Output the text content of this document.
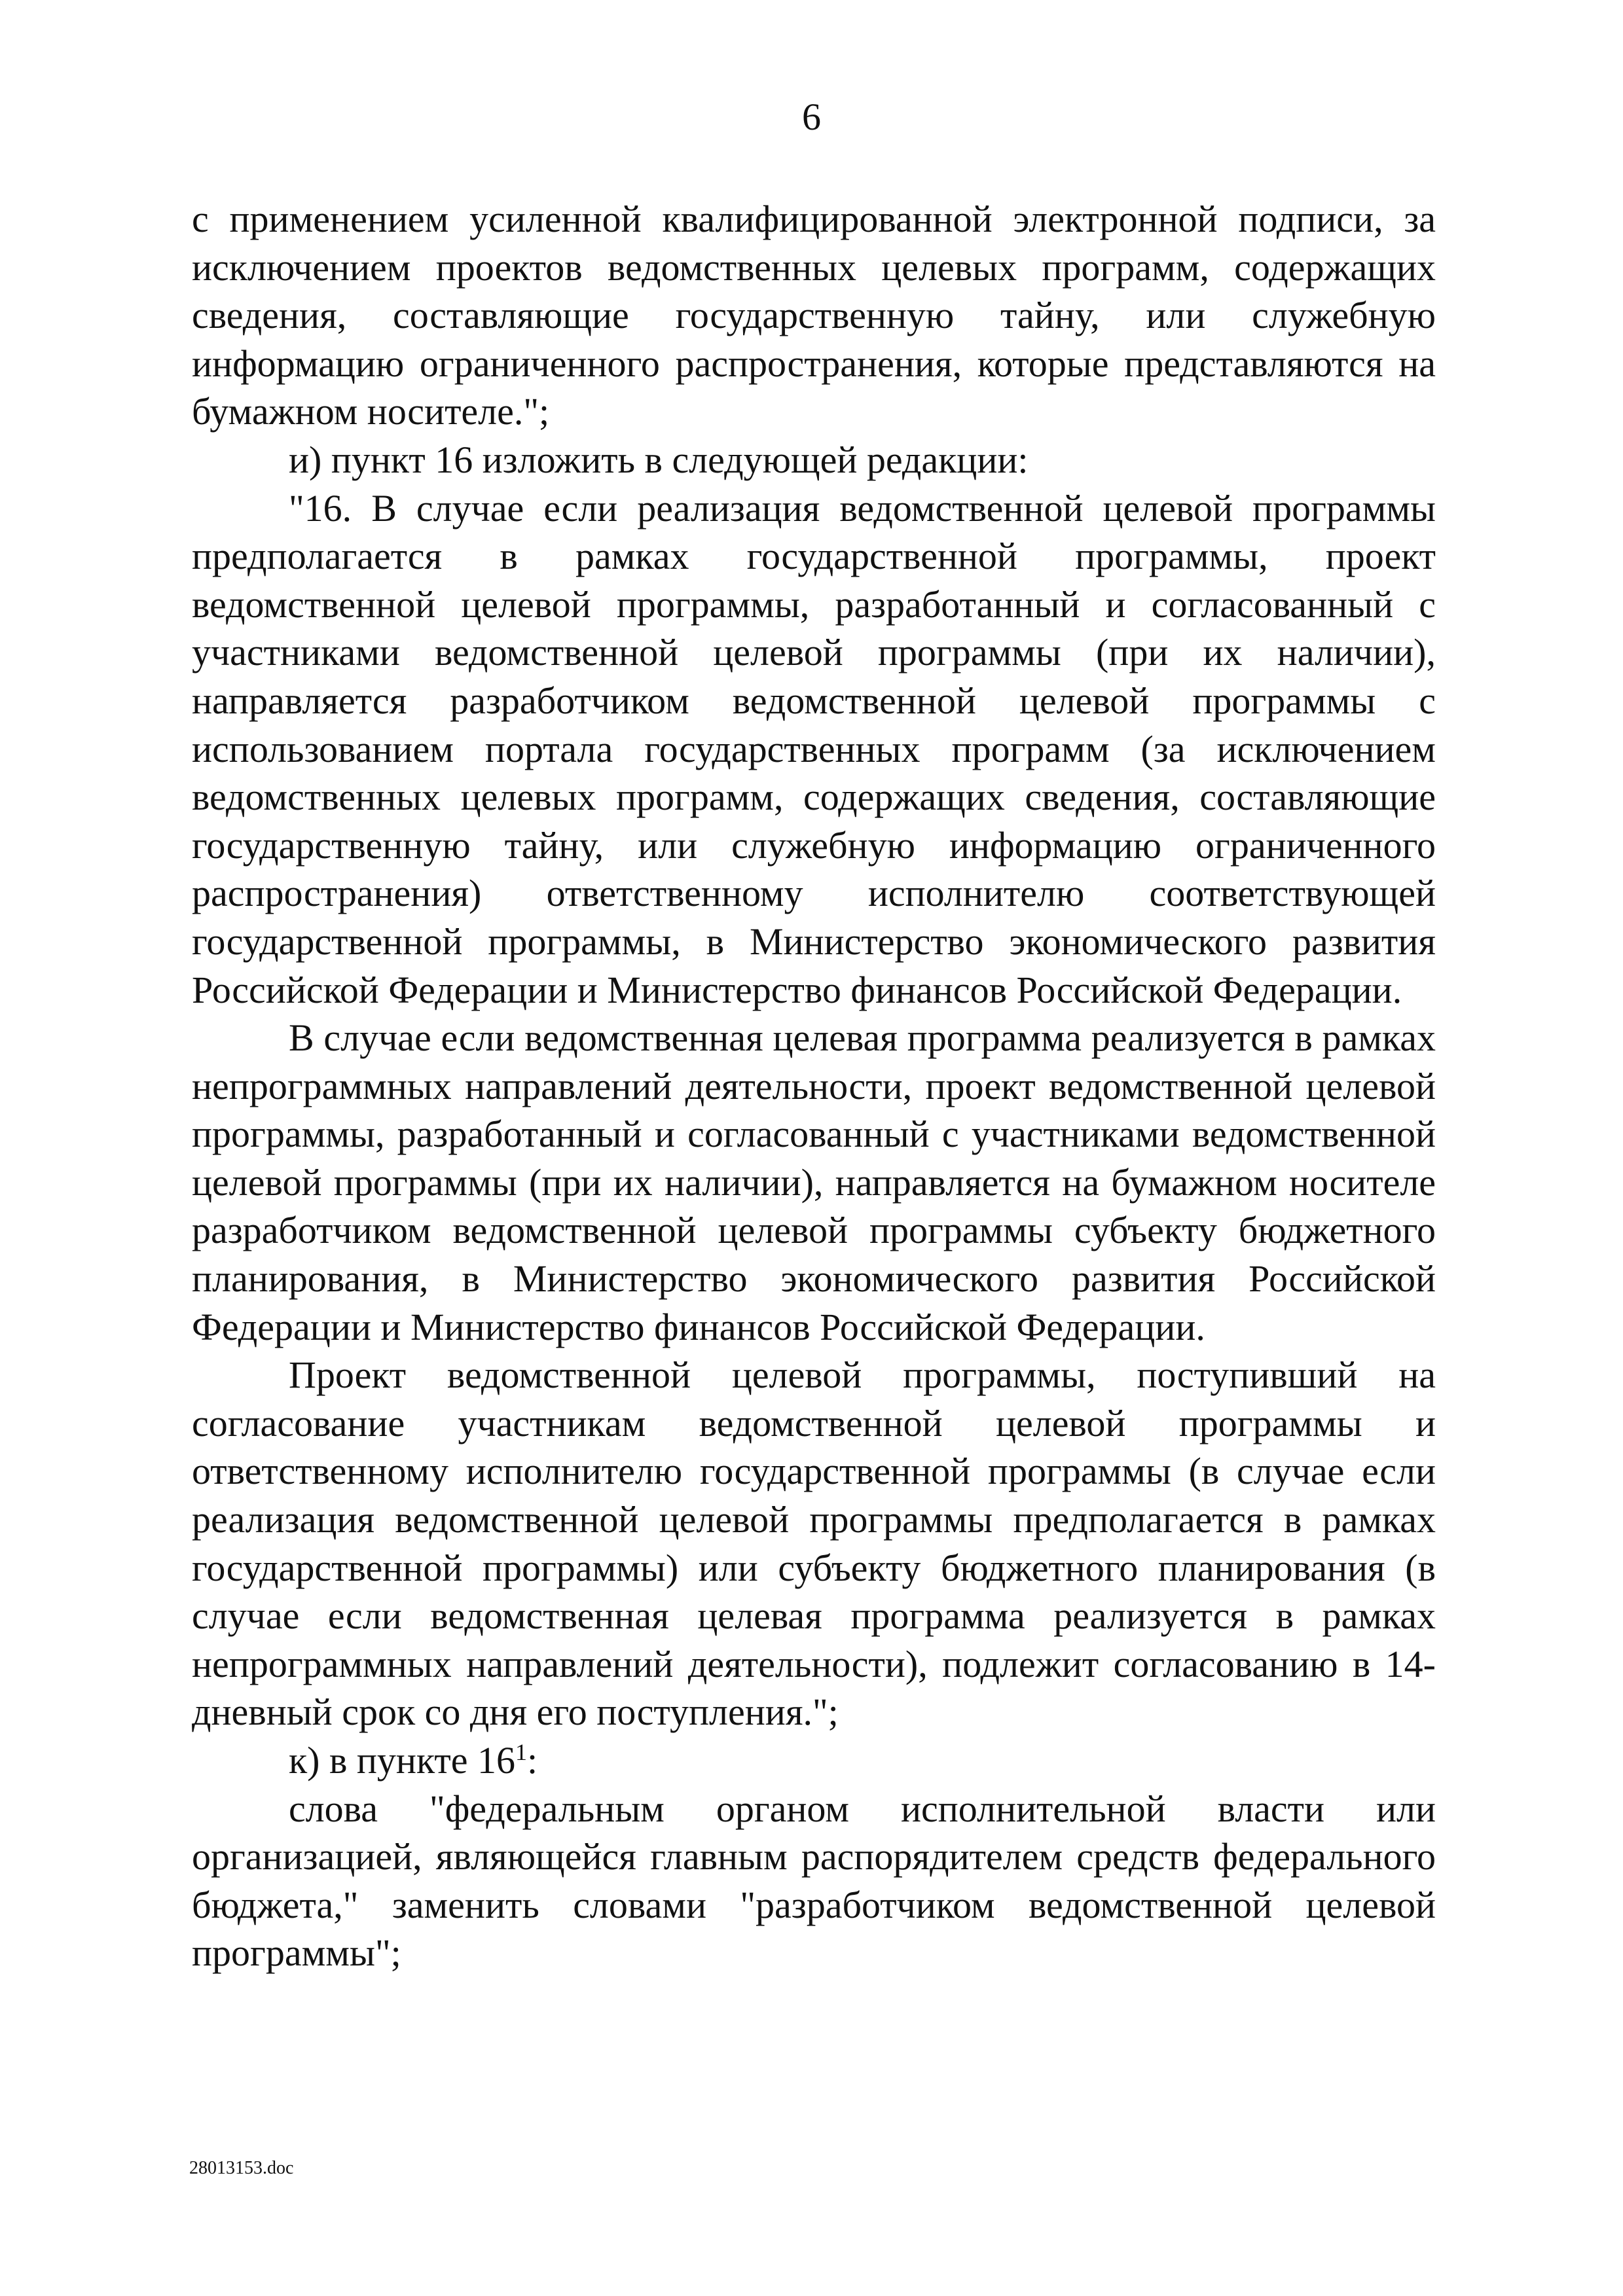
6

с применением усиленной квалифицированной электронной подписи, за исключением проектов ведомственных целевых программ, содержащих сведения, составляющие государственную тайну, или служебную информацию ограниченного распространения, которые представляются на бумажном носителе.";

и) пункт 16 изложить в следующей редакции:

"16. В случае если реализация ведомственной целевой программы предполагается в рамках государственной программы, проект ведомственной целевой программы, разработанный и согласованный с участниками ведомственной целевой программы (при их наличии), направляется разработчиком ведомственной целевой программы с использованием портала государственных программ (за исключением ведомственных целевых программ, содержащих сведения, составляющие государственную тайну, или служебную информацию ограниченного распространения) ответственному исполнителю соответствующей государственной программы, в Министерство экономического развития Российской Федерации и Министерство финансов Российской Федерации.

В случае если ведомственная целевая программа реализуется в рамках непрограммных направлений деятельности, проект ведомственной целевой программы, разработанный и согласованный с участниками ведомственной целевой программы (при их наличии), направляется на бумажном носителе разработчиком ведомственной целевой программы субъекту бюджетного планирования, в Министерство экономического развития Российской Федерации и Министерство финансов Российской Федерации.

Проект ведомственной целевой программы, поступивший на согласование участникам ведомственной целевой программы и ответственному исполнителю государственной программы (в случае если реализация ведомственной целевой программы предполагается в рамках государственной программы) или субъекту бюджетного планирования (в случае если ведомственная целевая программа реализуется в рамках непрограммных направлений деятельности), подлежит согласованию в 14-дневный срок со дня его поступления.";

к) в пункте $16^1$:

слова "федеральным органом исполнительной власти или организацией, являющейся главным распорядителем средств федерального бюджета," заменить словами "разработчиком ведомственной целевой программы";

28013153.doc
